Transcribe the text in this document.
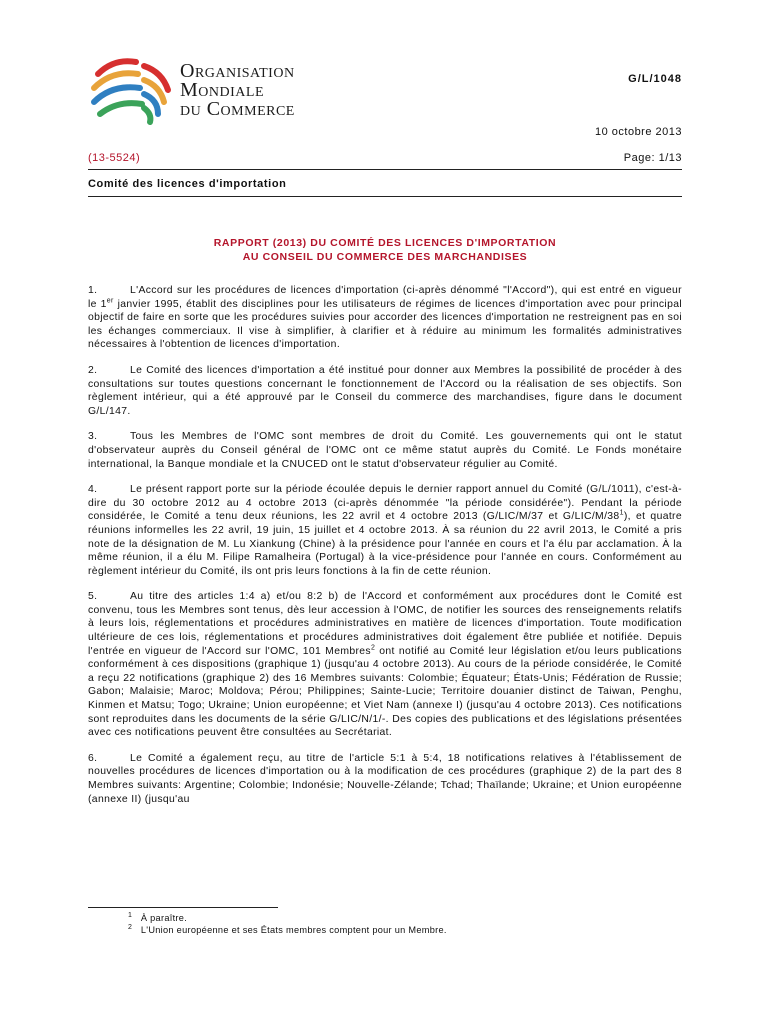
Organisation
Mondiale
du Commerce
G/L/1048
10 octobre 2013
(13-5524)	Page: 1/13
Comité des licences d'importation
RAPPORT (2013) DU COMITÉ DES LICENCES D'IMPORTATION
AU CONSEIL DU COMMERCE DES MARCHANDISES

1.	L'Accord sur les procédures de licences d'importation (ci-après dénommé "l'Accord"), qui est entré en vigueur le 1er janvier 1995, établit des disciplines pour les utilisateurs de régimes de licences d'importation avec pour principal objectif de faire en sorte que les procédures suivies pour accorder des licences d'importation ne restreignent pas en soi les échanges commerciaux. Il vise à simplifier, à clarifier et à réduire au minimum les formalités administratives nécessaires à l'obtention de licences d'importation.

2.	Le Comité des licences d'importation a été institué pour donner aux Membres la possibilité de procéder à des consultations sur toutes questions concernant le fonctionnement de l'Accord ou la réalisation de ses objectifs. Son règlement intérieur, qui a été approuvé par le Conseil du commerce des marchandises, figure dans le document G/L/147.

3.	Tous les Membres de l'OMC sont membres de droit du Comité. Les gouvernements qui ont le statut d'observateur auprès du Conseil général de l'OMC ont ce même statut auprès du Comité. Le Fonds monétaire international, la Banque mondiale et la CNUCED ont le statut d'observateur régulier au Comité.

4.	Le présent rapport porte sur la période écoulée depuis le dernier rapport annuel du Comité (G/L/1011), c'est-à-dire du 30 octobre 2012 au 4 octobre 2013 (ci-après dénommée "la période considérée"). Pendant la période considérée, le Comité a tenu deux réunions, les 22 avril et 4 octobre 2013 (G/LIC/M/37 et $G/LIC/M/38^1$), et quatre réunions informelles les 22 avril, 19 juin, 15 juillet et 4 octobre 2013. À sa réunion du 22 avril 2013, le Comité a pris note de la désignation de M. Lu Xiankung (Chine) à la présidence pour l'année en cours et l'a élu par acclamation. À la même réunion, il a élu M. Filipe Ramalheira (Portugal) à la vice-présidence pour l'année en cours. Conformément au règlement intérieur du Comité, ils ont pris leurs fonctions à la fin de cette réunion.

5.	Au titre des articles 1:4 a) et/ou 8:2 b) de l'Accord et conformément aux procédures dont le Comité est convenu, tous les Membres sont tenus, dès leur accession à l'OMC, de notifier les sources des renseignements relatifs à leurs lois, réglementations et procédures administratives en matière de licences d'importation. Toute modification ultérieure de ces lois, réglementations et procédures administratives doit également être publiée et notifiée. Depuis l'entrée en vigueur de l'Accord sur l'OMC, 101 Membres$^2$ ont notifié au Comité leur législation et/ou leurs publications conformément à ces dispositions (graphique 1) (jusqu'au 4 octobre 2013). Au cours de la période considérée, le Comité a reçu 22 notifications (graphique 2) des 16 Membres suivants: Colombie; Équateur; États-Unis; Fédération de Russie; Gabon; Malaisie; Maroc; Moldova; Pérou; Philippines; Sainte-Lucie; Territoire douanier distinct de Taiwan, Penghu, Kinmen et Matsu; Togo; Ukraine; Union européenne; et Viet Nam (annexe I) (jusqu'au 4 octobre 2013). Ces notifications sont reproduites dans les documents de la série G/LIC/N/1/-. Des copies des publications et des législations présentées avec ces notifications peuvent être consultées au Secrétariat.

6.	Le Comité a également reçu, au titre de l'article 5:1 à 5:4, 18 notifications relatives à l'établissement de nouvelles procédures de licences d'importation ou à la modification de ces procédures (graphique 2) de la part des 8 Membres suivants: Argentine; Colombie; Indonésie; Nouvelle-Zélande; Tchad; Thaïlande; Ukraine; et Union européenne (annexe II) (jusqu'au

1 À paraître.
2 L'Union européenne et ses États membres comptent pour un Membre.
